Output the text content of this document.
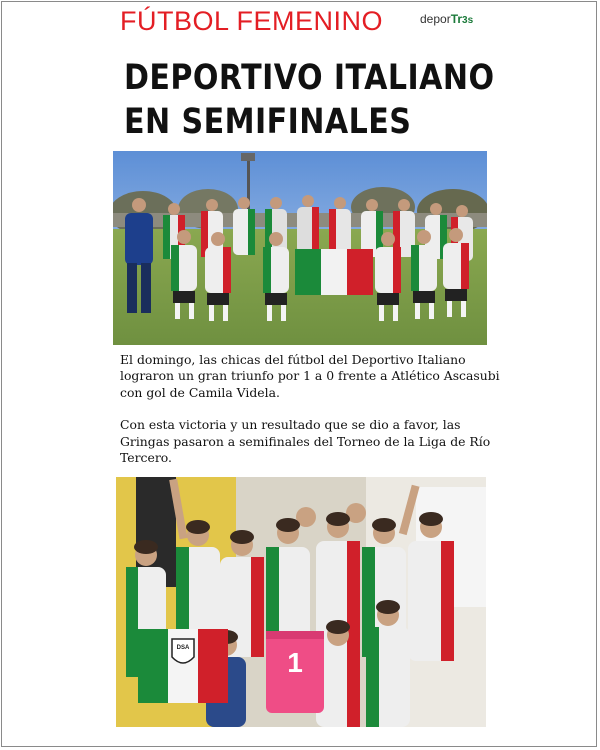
FÚTBOL FEMENINO	deporTr3s
DEPORTIVO ITALIANO
EN SEMIFINALES

El domingo, las chicas del fútbol del Deportivo Italiano lograron un gran triunfo por 1 a 0 frente a Atlético Ascasubi con gol de Camila Videla.

Con esta victoria y un resultado que se dio a favor, las Gringas pasaron a semifinales del Torneo de la Liga de Río Tercero.

DSA	1
